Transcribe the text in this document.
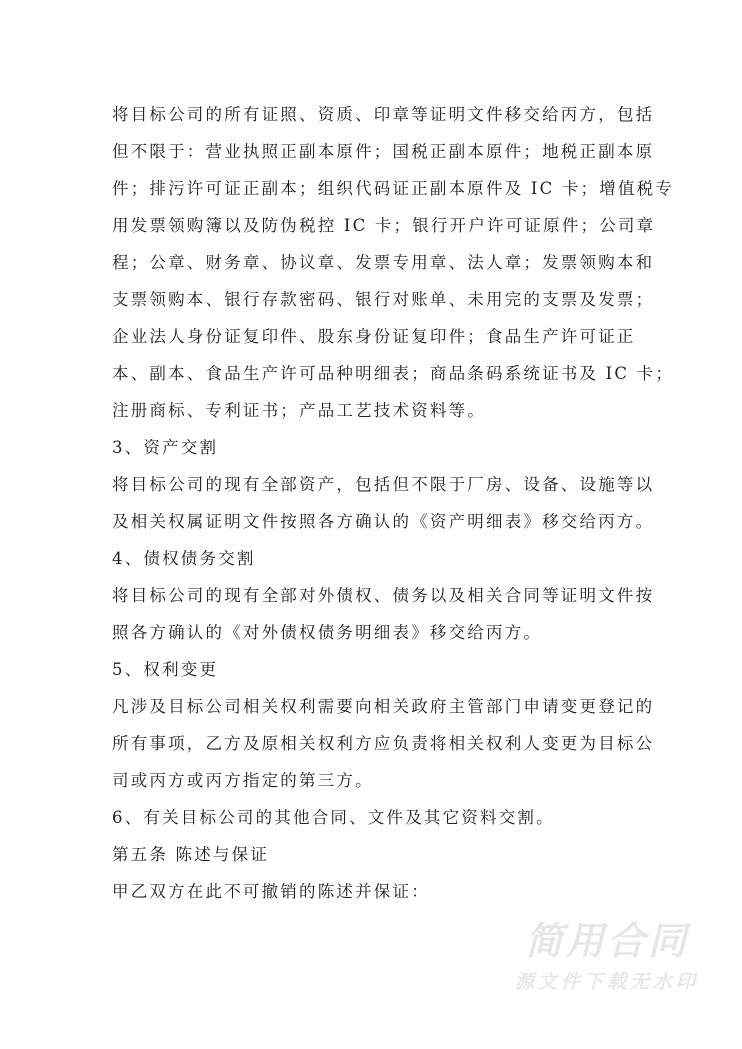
将目标公司的所有证照、资质、印章等证明文件移交给丙方，包括
但不限于：营业执照正副本原件；国税正副本原件；地税正副本原
件；排污许可证正副本；组织代码证正副本原件及 IC 卡；增值税专
用发票领购簿以及防伪税控 IC 卡；银行开户许可证原件；公司章
程；公章、财务章、协议章、发票专用章、法人章；发票领购本和
支票领购本、银行存款密码、银行对账单、未用完的支票及发票；
企业法人身份证复印件、股东身份证复印件；食品生产许可证正
本、副本、食品生产许可品种明细表；商品条码系统证书及 IC 卡；
注册商标、专利证书；产品工艺技术资料等。
3、资产交割
将目标公司的现有全部资产，包括但不限于厂房、设备、设施等以
及相关权属证明文件按照各方确认的《资产明细表》移交给丙方。
4、债权债务交割
将目标公司的现有全部对外债权、债务以及相关合同等证明文件按
照各方确认的《对外债权债务明细表》移交给丙方。
5、权利变更
凡涉及目标公司相关权利需要向相关政府主管部门申请变更登记的
所有事项，乙方及原相关权利方应负责将相关权利人变更为目标公
司或丙方或丙方指定的第三方。
6、有关目标公司的其他合同、文件及其它资料交割。
第五条 陈述与保证
甲乙双方在此不可撤销的陈述并保证：
简用合同
源文件下载无水印
